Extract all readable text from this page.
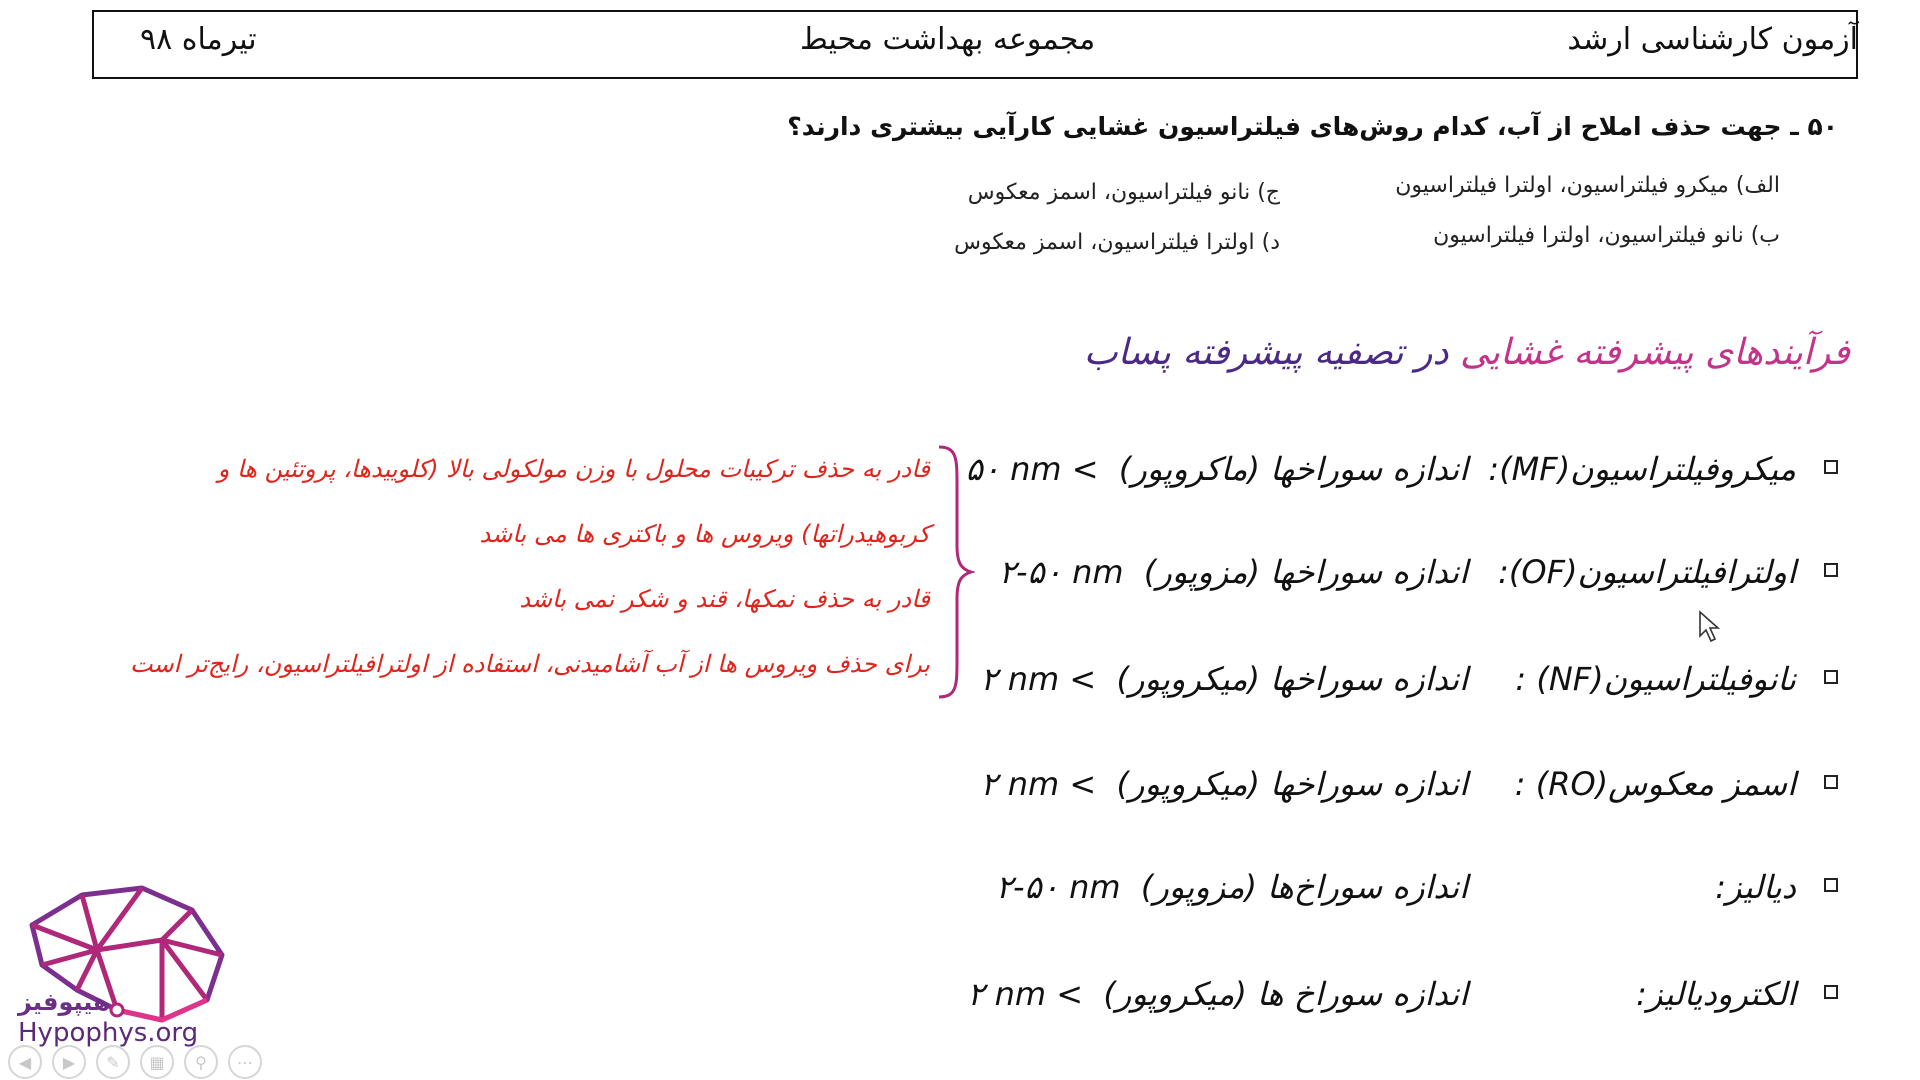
تیرماه ۹۸	مجموعه بهداشت محیط	آزمون کارشناسی ارشد
۵۰ ـ جهت حذف املاح از آب، کدام روش‌های فیلتراسیون غشایی کارآیی بیشتری دارند؟
الف) میکرو فیلتراسیون، اولترا فیلتراسیون
ب) نانو فیلتراسیون، اولترا فیلتراسیون
ج) نانو فیلتراسیون، اسمز معکوس
د) اولترا فیلتراسیون، اسمز معکوس
فرآیندهای پیشرفته غشایی در تصفیه پیشرفته پساب
میکروفیلتراسیون(MF):
اندازه سوراخها (ماکروپور)  ۵۰ nm <
اولترافیلتراسیون(OF):
اندازه سوراخها (مزوپور)  ۲-۵۰ nm
نانوفیلتراسیون(NF) :
اندازه سوراخها (میکروپور)  ۲ nm <
اسمز معکوس(RO) :
اندازه سوراخها (میکروپور)  ۲ nm <
دیالیز:
اندازه سوراخ‌ها (مزوپور)  ۲-۵۰ nm
الکترودیالیز:
اندازه سوراخ ها (میکروپور)  ۲ nm <
قادر به حذف ترکیبات محلول با وزن مولکولی بالا (کلوییدها، پروتئین ها و
کربوهیدراتها) ویروس ها و باکتری ها می باشد
قادر به حذف نمکها، قند و شکر نمی باشد
برای حذف ویروس ها از آب آشامیدنی، استفاده از اولترافیلتراسیون، رایج‌تر است
هیپوفیز
Hypophys.org
◀	▶	✎	▦	⚲	⋯
